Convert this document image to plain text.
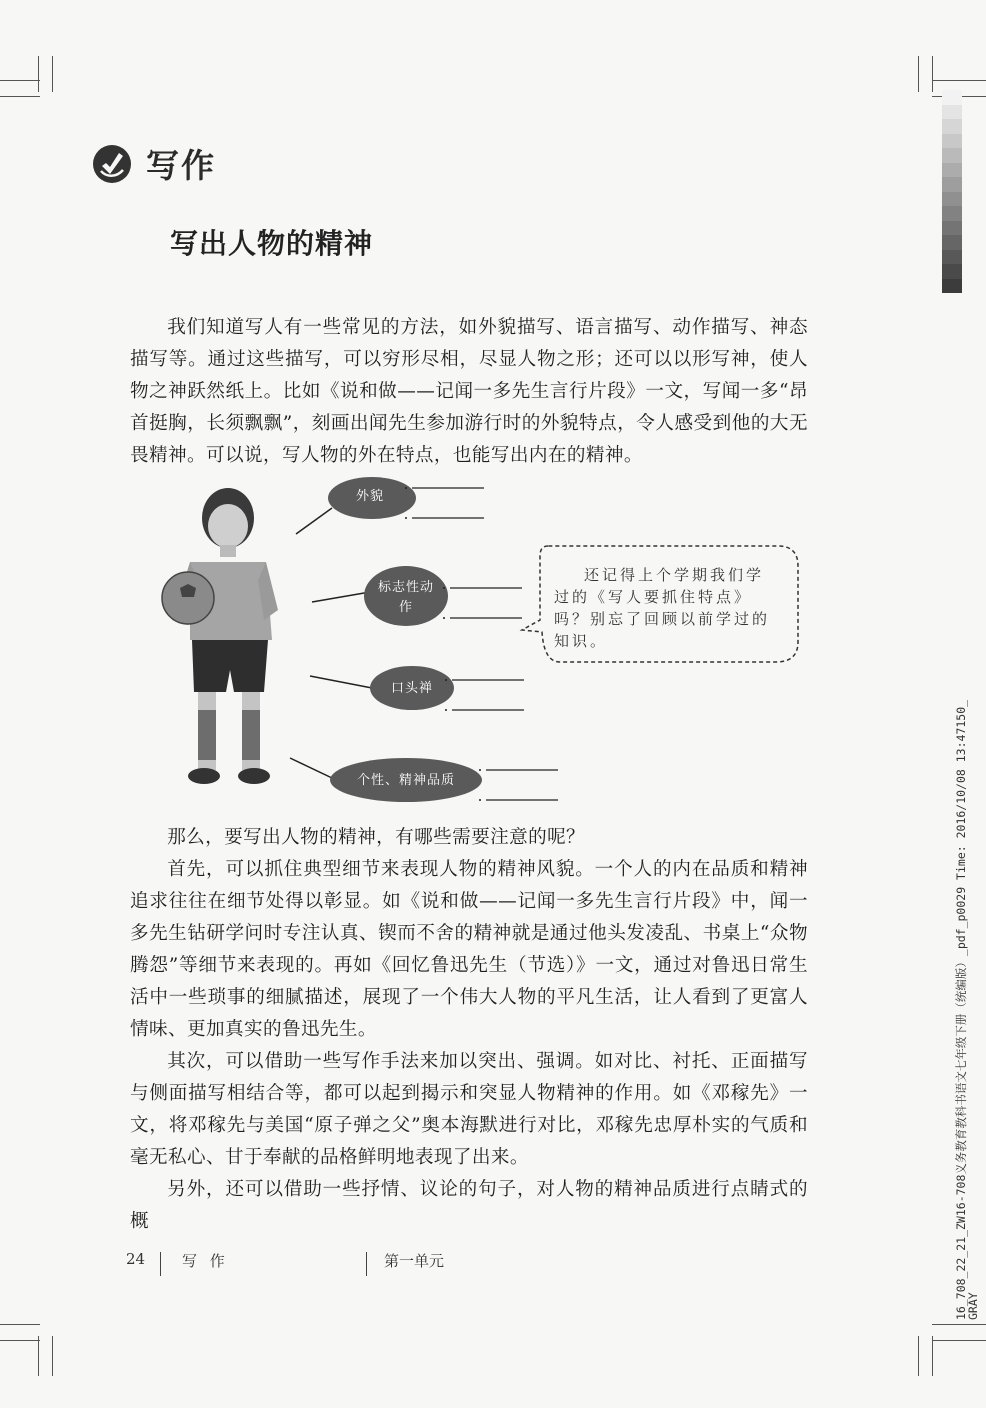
写作
写出人物的精神

我们知道写人有一些常见的方法，如外貌描写、语言描写、动作描写、神态描写等。通过这些描写，可以穷形尽相，尽显人物之形；还可以以形写神，使人物之神跃然纸上。比如《说和做——记闻一多先生言行片段》一文，写闻一多“昂首挺胸，长须飘飘”，刻画出闻先生参加游行时的外貌特点，令人感受到他的大无畏精神。可以说，写人物的外在特点，也能写出内在的精神。

外貌
标志性动作
口头禅
个性、精神品质
还记得上个学期我们学过的《写人要抓住特点》吗？别忘了回顾以前学过的知识。

那么，要写出人物的精神，有哪些需要注意的呢？

首先，可以抓住典型细节来表现人物的精神风貌。一个人的内在品质和精神追求往往在细节处得以彰显。如《说和做——记闻一多先生言行片段》中，闻一多先生钻研学问时专注认真、锲而不舍的精神就是通过他头发凌乱、书桌上“众物腾怨”等细节来表现的。再如《回忆鲁迅先生（节选）》一文，通过对鲁迅日常生活中一些琐事的细腻描述，展现了一个伟大人物的平凡生活，让人看到了更富人情味、更加真实的鲁迅先生。

其次，可以借助一些写作手法来加以突出、强调。如对比、衬托、正面描写与侧面描写相结合等，都可以起到揭示和突显人物精神的作用。如《邓稼先》一文，将邓稼先与美国“原子弹之父”奥本海默进行对比，邓稼先忠厚朴实的气质和毫无私心、甘于奉献的品格鲜明地表现了出来。

另外，还可以借助一些抒情、议论的句子，对人物的精神品质进行点睛式的概

24 写 作	第一单元	16_708_22_21_ZW16-708义务教育教科书语文七年级下册（统编版）_pdf_p0029 Time: 2016/10/08 13:47150_
GRAY
